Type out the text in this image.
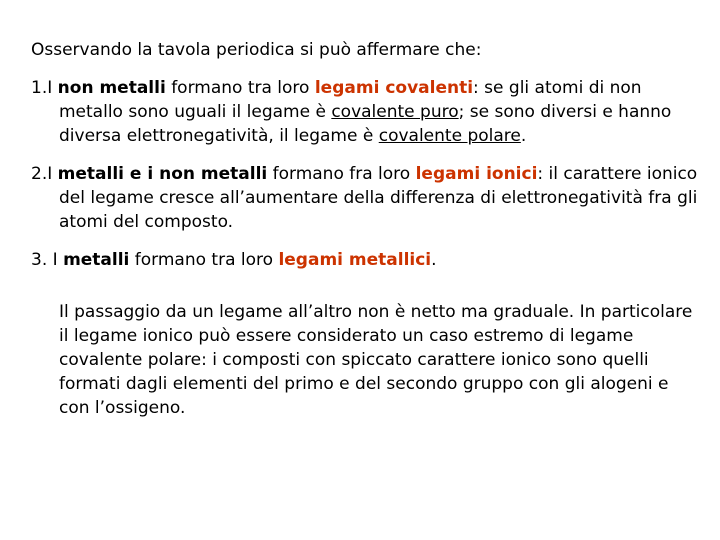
Osservando la tavola periodica si può affermare che:

1.I non metalli formano tra loro legami covalenti: se gli atomi di non metallo sono uguali il legame è covalente puro; se sono diversi e hanno diversa elettronegatività, il legame è covalente polare.

2.I metalli e i non metalli formano fra loro legami ionici: il carattere ionico del legame cresce all’aumentare della differenza di elettronegatività fra gli atomi del composto.

3. I metalli formano tra loro legami metallici.

Il passaggio da un legame all’altro non è netto ma graduale. In particolare il legame ionico può essere considerato un caso estremo di legame covalente polare: i composti con spiccato carattere ionico sono quelli formati dagli elementi del primo e del secondo gruppo con gli alogeni e con l’ossigeno.
